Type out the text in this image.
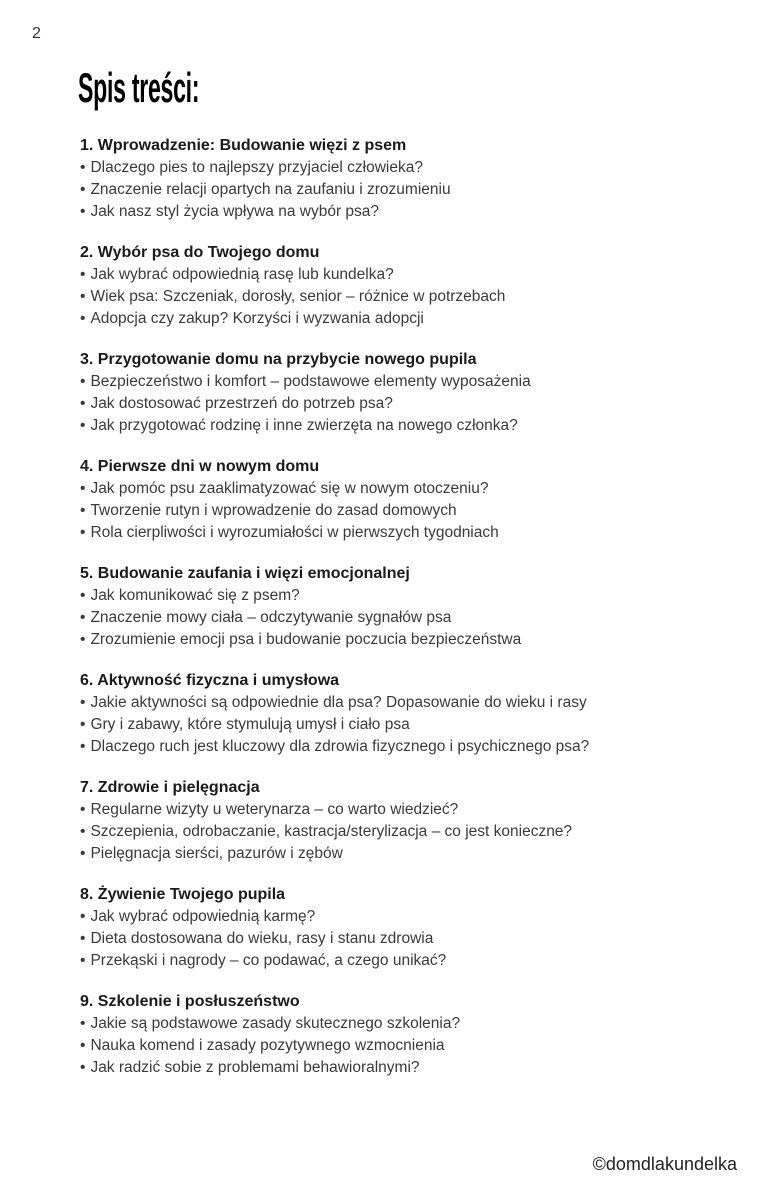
2
Spis treści:
1. Wprowadzenie: Budowanie więzi z psem
• Dlaczego pies to najlepszy przyjaciel człowieka?
• Znaczenie relacji opartych na zaufaniu i zrozumieniu
• Jak nasz styl życia wpływa na wybór psa?
2. Wybór psa do Twojego domu
• Jak wybrać odpowiednią rasę lub kundelka?
• Wiek psa: Szczeniak, dorosły, senior – różnice w potrzebach
• Adopcja czy zakup? Korzyści i wyzwania adopcji
3. Przygotowanie domu na przybycie nowego pupila
• Bezpieczeństwo i komfort – podstawowe elementy wyposażenia
• Jak dostosować przestrzeń do potrzeb psa?
• Jak przygotować rodzinę i inne zwierzęta na nowego członka?
4. Pierwsze dni w nowym domu
• Jak pomóc psu zaaklimatyzować się w nowym otoczeniu?
• Tworzenie rutyn i wprowadzenie do zasad domowych
• Rola cierpliwości i wyrozumiałości w pierwszych tygodniach
5. Budowanie zaufania i więzi emocjonalnej
• Jak komunikować się z psem?
• Znaczenie mowy ciała – odczytywanie sygnałów psa
• Zrozumienie emocji psa i budowanie poczucia bezpieczeństwa
6. Aktywność fizyczna i umysłowa
• Jakie aktywności są odpowiednie dla psa? Dopasowanie do wieku i rasy
• Gry i zabawy, które stymulują umysł i ciało psa
• Dlaczego ruch jest kluczowy dla zdrowia fizycznego i psychicznego psa?
7. Zdrowie i pielęgnacja
• Regularne wizyty u weterynarza – co warto wiedzieć?
• Szczepienia, odrobaczanie, kastracja/sterylizacja – co jest konieczne?
• Pielęgnacja sierści, pazurów i zębów
8. Żywienie Twojego pupila
• Jak wybrać odpowiednią karmę?
• Dieta dostosowana do wieku, rasy i stanu zdrowia
• Przekąski i nagrody – co podawać, a czego unikać?
9. Szkolenie i posłuszeństwo
• Jakie są podstawowe zasady skutecznego szkolenia?
• Nauka komend i zasady pozytywnego wzmocnienia
• Jak radzić sobie z problemami behawioralnymi?
©domdlakundelka
